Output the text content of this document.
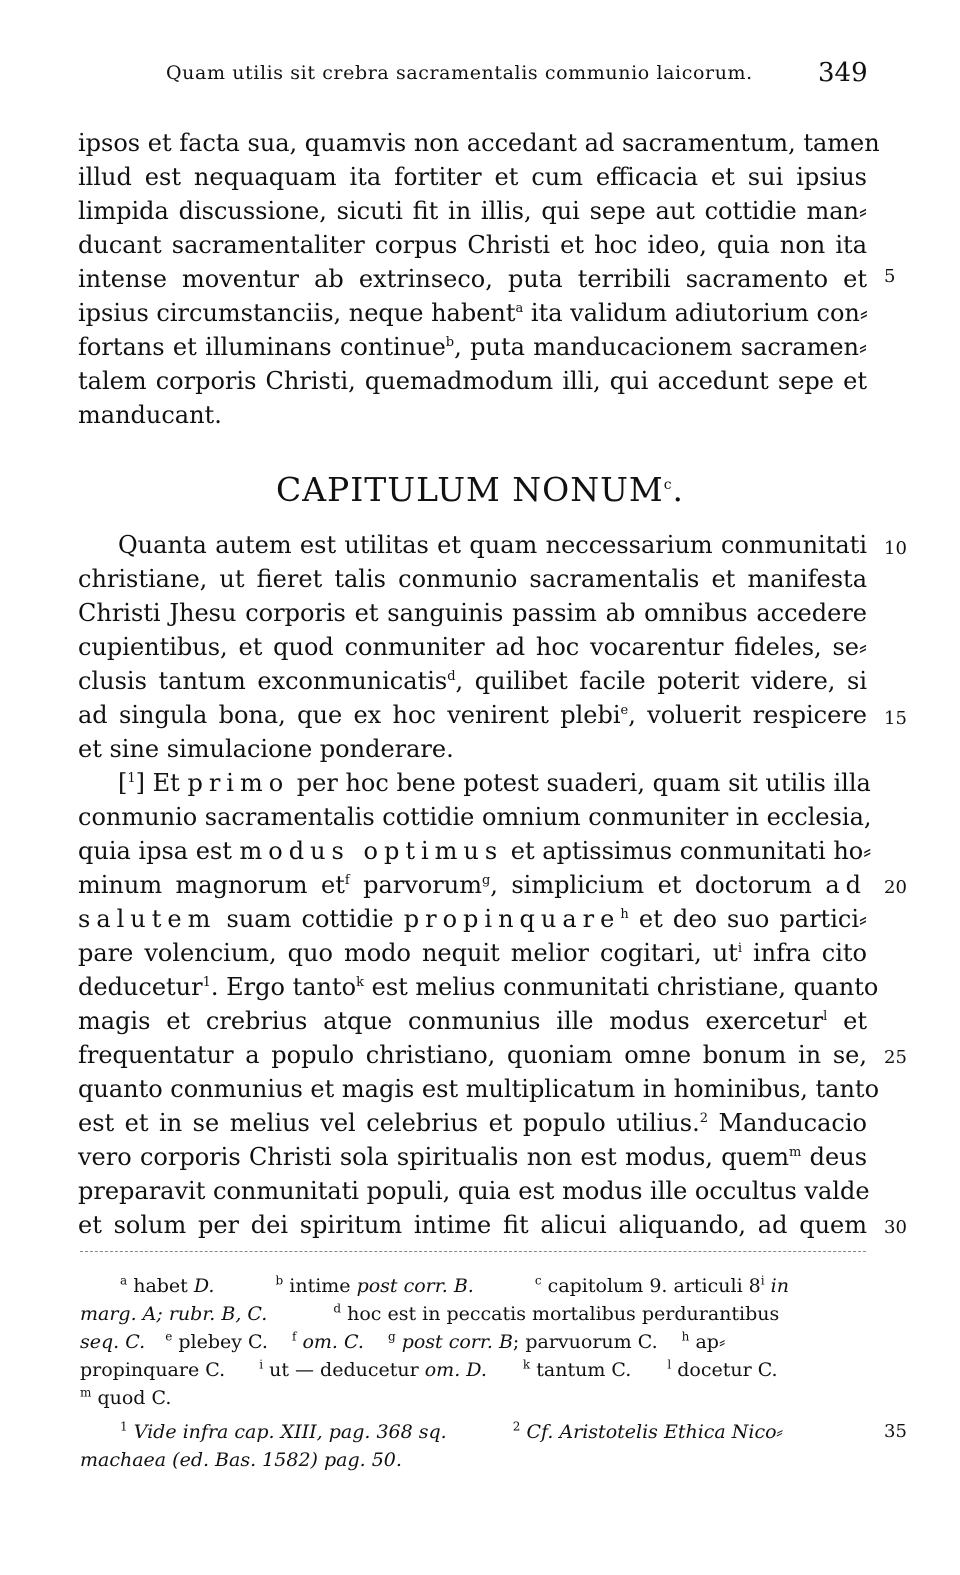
Quam utilis sit crebra sacramentalis communio laicorum.	349
ipsos et facta sua, quamvis non accedant ad sacramentum, tamen
illud est nequaquam ita fortiter et cum efficacia et sui ipsius
limpida discussione, sicuti fit in illis, qui sepe aut cottidie man⸗
ducant sacramentaliter corpus Christi et hoc ideo, quia non ita
intense moventur ab extrinseco, puta terribili sacramento et
ipsius circumstanciis, neque habent$^a$ ita validum adiutorium con⸗
fortans et illuminans continue$^b$, puta manducacionem sacramen⸗
talem corporis Christi, quemadmodum illi, qui accedunt sepe et
manducant.
CAPITULUM NONUM$^c$.
Quanta autem est utilitas et quam neccessarium conmunitati
christiane, ut fieret talis conmunio sacramentalis et manifesta
Christi Jhesu corporis et sanguinis passim ab omnibus accedere
cupientibus, et quod conmuniter ad hoc vocarentur fideles, se⸗
clusis tantum exconmunicatis$^d$, quilibet facile poterit videre, si
ad singula bona, que ex hoc venirent plebi$^e$, voluerit respicere
et sine simulacione ponderare.
[$^1$] Et primo per hoc bene potest suaderi, quam sit utilis illa
conmunio sacramentalis cottidie omnium conmuniter in ecclesia,
quia ipsa est modus optimus et aptissimus conmunitati ho⸗
minum magnorum $et^f$ parvorum$^g$, simplicium et doctorum ad
salutem suam cottidie propinquare$^h$ et deo suo partici⸗
pare volencium, quo modo nequit melior cogitari, $ut^i$ infra cito
deducetur$^1$. Ergo tanto$^k$ est melius conmunitati christiane, quanto
magis et crebrius atque conmunius ille modus exercetur$^l$ et
frequentatur a populo christiano, quoniam omne bonum in se,
quanto conmunius et magis est multiplicatum in hominibus, tanto
est et in se melius vel celebrius et populo utilius.$^2$ Manducacio
vero corporis Christi sola spiritualis non est modus, quem$^m$ deus
preparavit conmunitati populi, quia est modus ille occultus valde
et solum per dei spiritum intime fit alicui aliquando, ad quem
5
10
15
20
25
30
35
$^a$ habet D.	$^b$ intime post corr. B.	$^c$ capitolum 9. articuli 8$^i$ in
marg. A; rubr. B, C.	$^d$ hoc est in peccatis mortalibus perdurantibus
seq. C. $^e$ plebey C. $^f$ om. C. $^g$ post corr. B; parvuorum C. $^h$ ap⸗
propinquare C.	$^i$ ut — deducetur om. D.	$^k$ tantum C.	$^l$ docetur C.
$^m$ quod C.
$^1$ Vide infra cap. XIII, pag. 368 sq.	$^2$ Cf. Aristotelis Ethica Nico⸗
machaea (ed. Bas. 1582) pag. 50.
